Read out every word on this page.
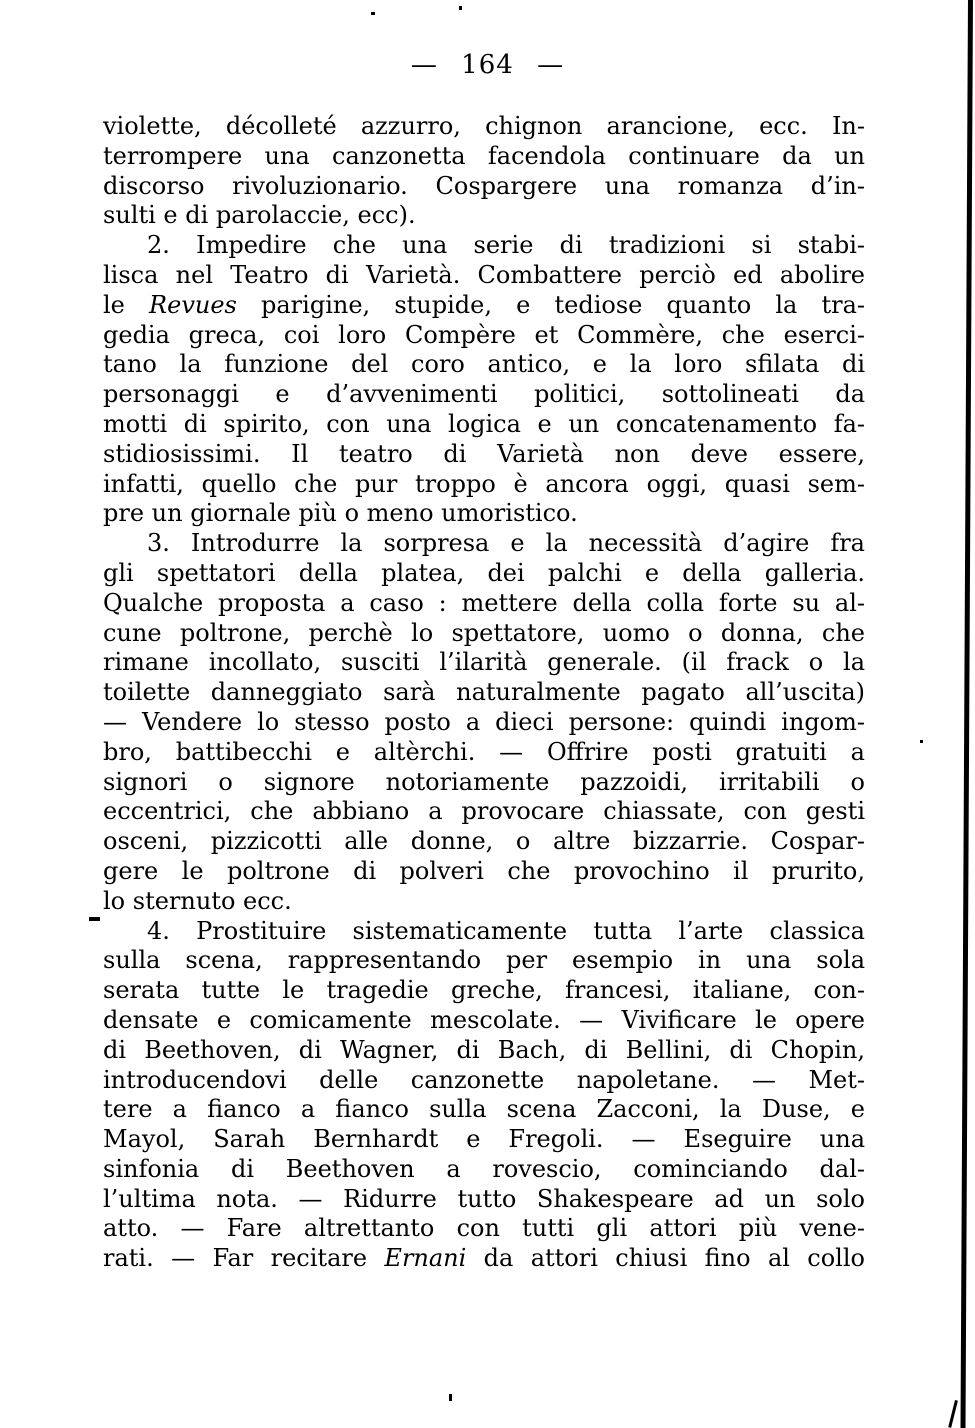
— 164 —
violette, décolleté azzurro, chignon arancione, ecc. In-
terrompere una canzonetta facendola continuare da un
discorso rivoluzionario. Cospargere una romanza d’in-
sulti e di parolaccie, ecc).
2. Impedire che una serie di tradizioni si stabi-
lisca nel Teatro di Varietà. Combattere perciò ed abolire
le Revues parigine, stupide, e tediose quanto la tra-
gedia greca, coi loro Compère et Commère, che eserci-
tano la funzione del coro antico, e la loro sfilata di
personaggi e d’avvenimenti politici, sottolineati da
motti di spirito, con una logica e un concatenamento fa-
stidiosissimi. Il teatro di Varietà non deve essere,
infatti, quello che pur troppo è ancora oggi, quasi sem-
pre un giornale più o meno umoristico.
3. Introdurre la sorpresa e la necessità d’agire fra
gli spettatori della platea, dei palchi e della galleria.
Qualche proposta a caso : mettere della colla forte su al-
cune poltrone, perchè lo spettatore, uomo o donna, che
rimane incollato, susciti l’ilarità generale. (il frack o la
toilette danneggiato sarà naturalmente pagato all’uscita)
— Vendere lo stesso posto a dieci persone: quindi ingom-
bro, battibecchi e altèrchi. — Offrire posti gratuiti a
signori o signore notoriamente pazzoidi, irritabili o
eccentrici, che abbiano a provocare chiassate, con gesti
osceni, pizzicotti alle donne, o altre bizzarrie. Cospar-
gere le poltrone di polveri che provochino il prurito,
lo sternuto ecc.
4. Prostituire sistematicamente tutta l’arte classica
sulla scena, rappresentando per esempio in una sola
serata tutte le tragedie greche, francesi, italiane, con-
densate e comicamente mescolate. — Vivificare le opere
di Beethoven, di Wagner, di Bach, di Bellini, di Chopin,
introducendovi delle canzonette napoletane. — Met-
tere a fianco a fianco sulla scena Zacconi, la Duse, e
Mayol, Sarah Bernhardt e Fregoli. — Eseguire una
sinfonia di Beethoven a rovescio, cominciando dal-
l’ultima nota. — Ridurre tutto Shakespeare ad un solo
atto. — Fare altrettanto con tutti gli attori più vene-
rati. — Far recitare Ernani da attori chiusi fino al collo
